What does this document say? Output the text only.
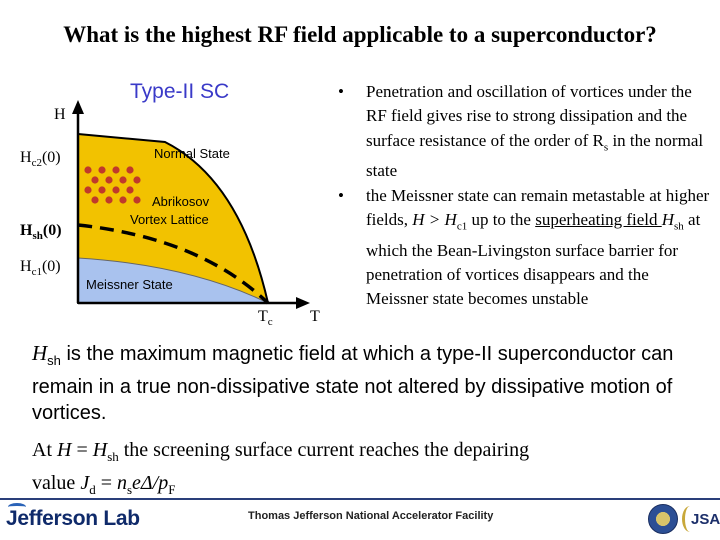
What is the highest RF field applicable to a superconductor?
Type-II SC
H
$H_{c2}(0)$
$H_{sh}(0)$
$H_{c1}(0)$
$T_c$ T
Normal State
Abrikosov
Vortex Lattice
Meissner State
• Penetration and oscillation of vortices under the RF field gives rise to strong dissipation and the surface resistance of the order of $R_s$ in the normal state
• the Meissner state can remain metastable at higher fields, $H > H_{c1}$ up to the superheating field $H_{sh}$ at which the Bean-Livingston surface barrier for penetration of vortices disappears and the Meissner state becomes unstable
$H_{sh}$ is the maximum magnetic field at which a type-II superconductor can remain in a true non-dissipative state not altered by dissipative motion of vortices.
At $H = H_{sh}$ the screening surface current reaches the depairing
value $J_d = n_se\Delta/p_F$
Jefferson Lab	Thomas Jefferson National Accelerator Facility	JSA
